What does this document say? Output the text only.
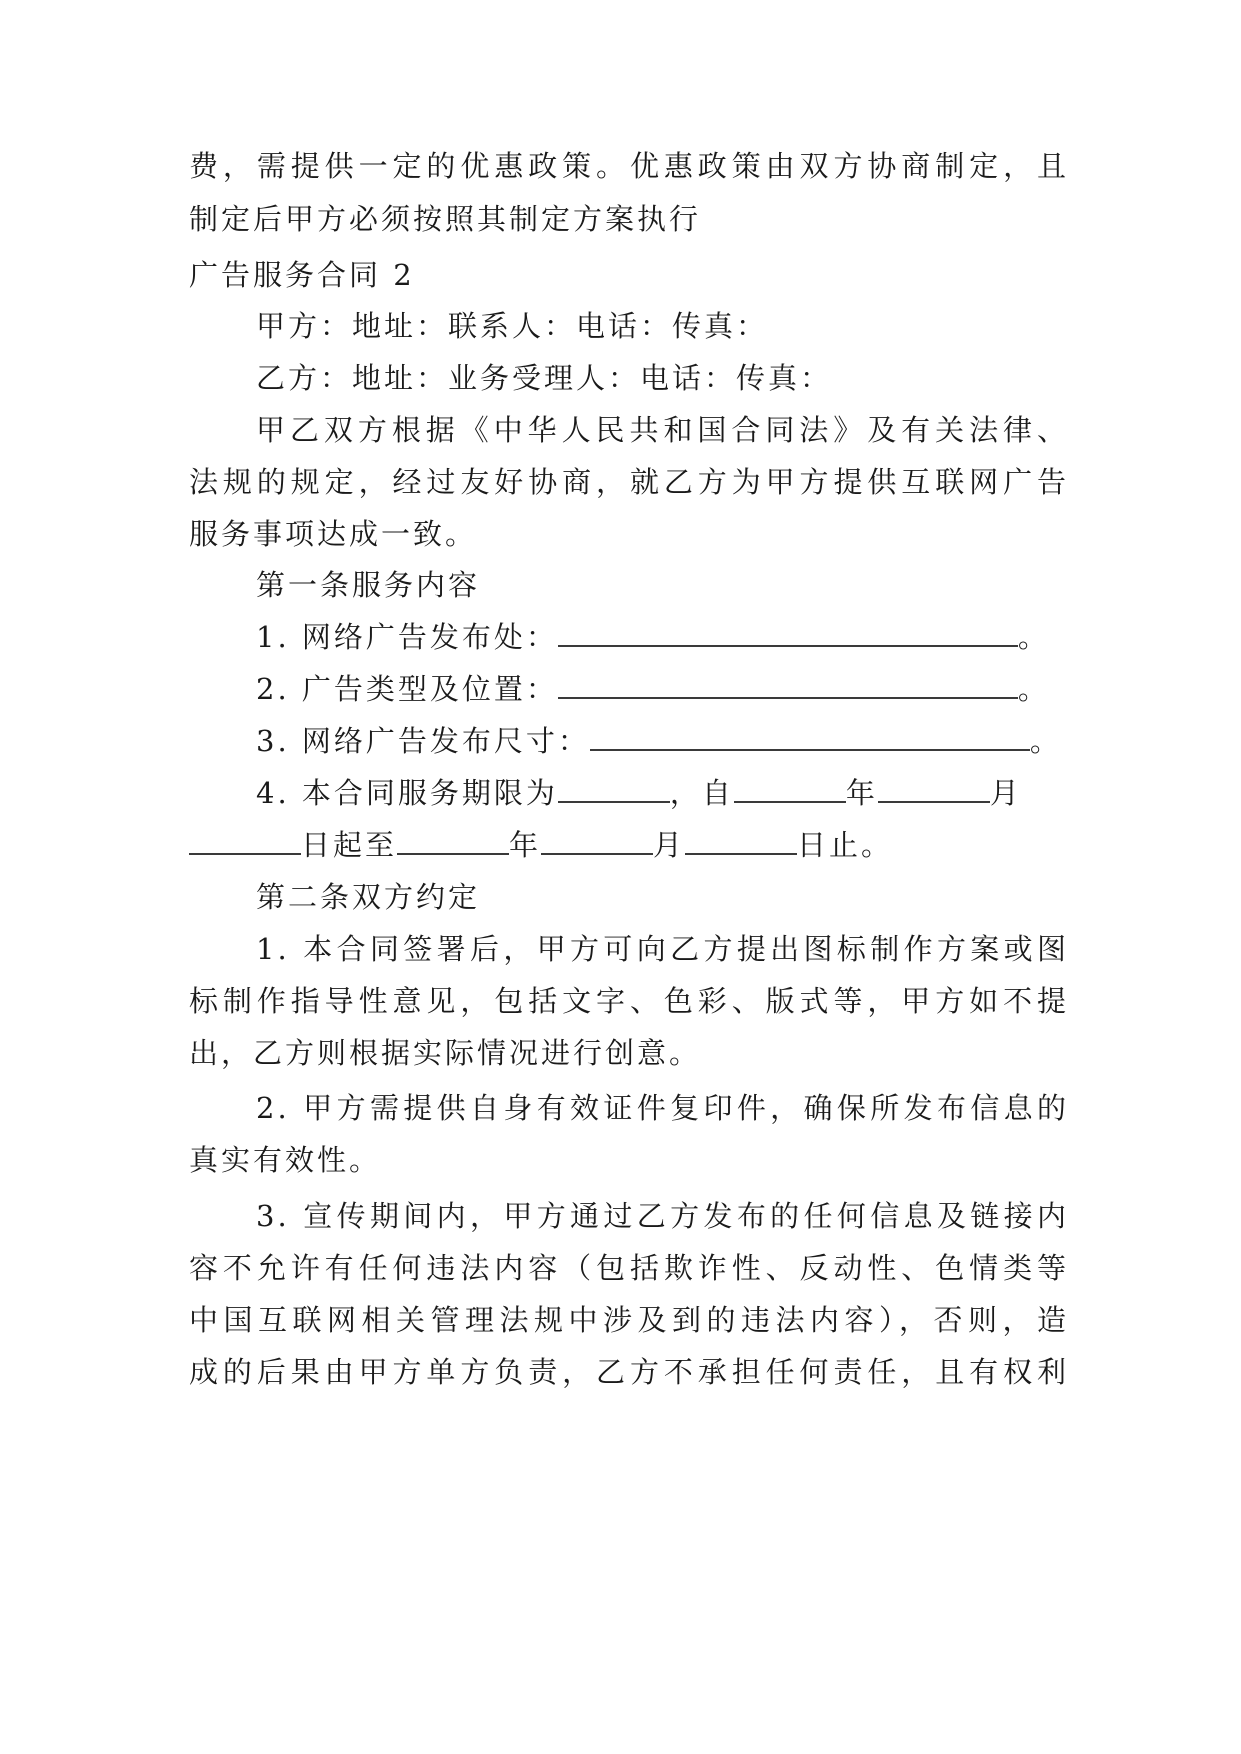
费，需提供一定的优惠政策。优惠政策由双方协商制定，且
制定后甲方必须按照其制定方案执行
广告服务合同 2
甲方：地址：联系人：电话：传真：
乙方：地址：业务受理人：电话：传真：
甲乙双方根据《中华人民共和国合同法》及有关法律、
法规的规定，经过友好协商，就乙方为甲方提供互联网广告
服务事项达成一致。
第一条服务内容
1. 网络广告发布处：	。
2. 广告类型及位置：	。
3. 网络广告发布尺寸：	。
4. 本合同服务期限为	，自	年	月
日起至	年	月	日止。
第二条双方约定
1. 本合同签署后，甲方可向乙方提出图标制作方案或图
标制作指导性意见，包括文字、色彩、版式等，甲方如不提
出，乙方则根据实际情况进行创意。
2. 甲方需提供自身有效证件复印件，确保所发布信息的
真实有效性。
3. 宣传期间内，甲方通过乙方发布的任何信息及链接内
容不允许有任何违法内容（包括欺诈性、反动性、色情类等
中国互联网相关管理法规中涉及到的违法内容），否则，造
成的后果由甲方单方负责，乙方不承担任何责任，且有权利
